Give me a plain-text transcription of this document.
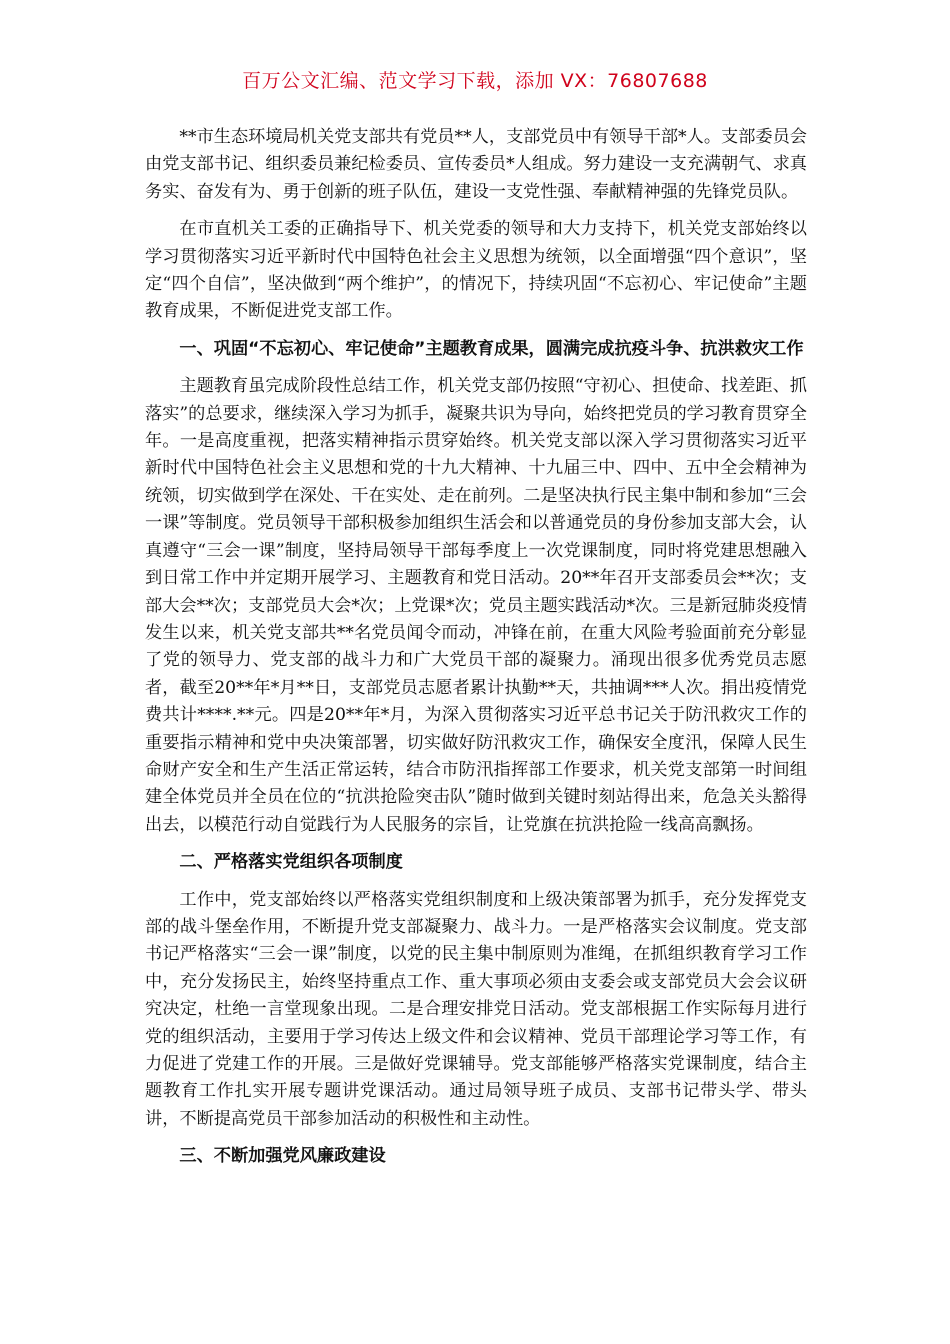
百万公文汇编、范文学习下载，添加 VX：76807688

**市生态环境局机关党支部共有党员**人，支部党员中有领导干部*人。支部委员会由党支部书记、组织委员兼纪检委员、宣传委员*人组成。努力建设一支充满朝气、求真务实、奋发有为、勇于创新的班子队伍，建设一支党性强、奉献精神强的先锋党员队。

在市直机关工委的正确指导下、机关党委的领导和大力支持下，机关党支部始终以学习贯彻落实习近平新时代中国特色社会主义思想为统领，以全面增强“四个意识”，坚定“四个自信”，坚决做到“两个维护”，的情况下，持续巩固“不忘初心、牢记使命”主题教育成果，不断促进党支部工作。

一、巩固“不忘初心、牢记使命”主题教育成果，圆满完成抗疫斗争、抗洪救灾工作

主题教育虽完成阶段性总结工作，机关党支部仍按照“守初心、担使命、找差距、抓落实”的总要求，继续深入学习为抓手，凝聚共识为导向，始终把党员的学习教育贯穿全年。一是高度重视，把落实精神指示贯穿始终。机关党支部以深入学习贯彻落实习近平新时代中国特色社会主义思想和党的十九大精神、十九届三中、四中、五中全会精神为统领，切实做到学在深处、干在实处、走在前列。二是坚决执行民主集中制和参加“三会一课”等制度。党员领导干部积极参加组织生活会和以普通党员的身份参加支部大会，认真遵守“三会一课”制度，坚持局领导干部每季度上一次党课制度，同时将党建思想融入到日常工作中并定期开展学习、主题教育和党日活动。20**年召开支部委员会**次；支部大会**次；支部党员大会*次；上党课*次；党员主题实践活动*次。三是新冠肺炎疫情发生以来，机关党支部共**名党员闻令而动，冲锋在前，在重大风险考验面前充分彰显了党的领导力、党支部的战斗力和广大党员干部的凝聚力。涌现出很多优秀党员志愿者，截至20**年*月**日，支部党员志愿者累计执勤**天，共抽调***人次。捐出疫情党费共计****.**元。四是20**年*月，为深入贯彻落实习近平总书记关于防汛救灾工作的重要指示精神和党中央决策部署，切实做好防汛救灾工作，确保安全度汛，保障人民生命财产安全和生产生活正常运转，结合市防汛指挥部工作要求，机关党支部第一时间组建全体党员并全员在位的“抗洪抢险突击队”随时做到关键时刻站得出来，危急关头豁得出去，以模范行动自觉践行为人民服务的宗旨，让党旗在抗洪抢险一线高高飘扬。

二、严格落实党组织各项制度

工作中，党支部始终以严格落实党组织制度和上级决策部署为抓手，充分发挥党支部的战斗堡垒作用，不断提升党支部凝聚力、战斗力。一是严格落实会议制度。党支部书记严格落实“三会一课”制度，以党的民主集中制原则为准绳，在抓组织教育学习工作中，充分发扬民主，始终坚持重点工作、重大事项必须由支委会或支部党员大会会议研究决定，杜绝一言堂现象出现。二是合理安排党日活动。党支部根据工作实际每月进行党的组织活动，主要用于学习传达上级文件和会议精神、党员干部理论学习等工作，有力促进了党建工作的开展。三是做好党课辅导。党支部能够严格落实党课制度，结合主题教育工作扎实开展专题讲党课活动。通过局领导班子成员、支部书记带头学、带头讲，不断提高党员干部参加活动的积极性和主动性。

三、不断加强党风廉政建设
